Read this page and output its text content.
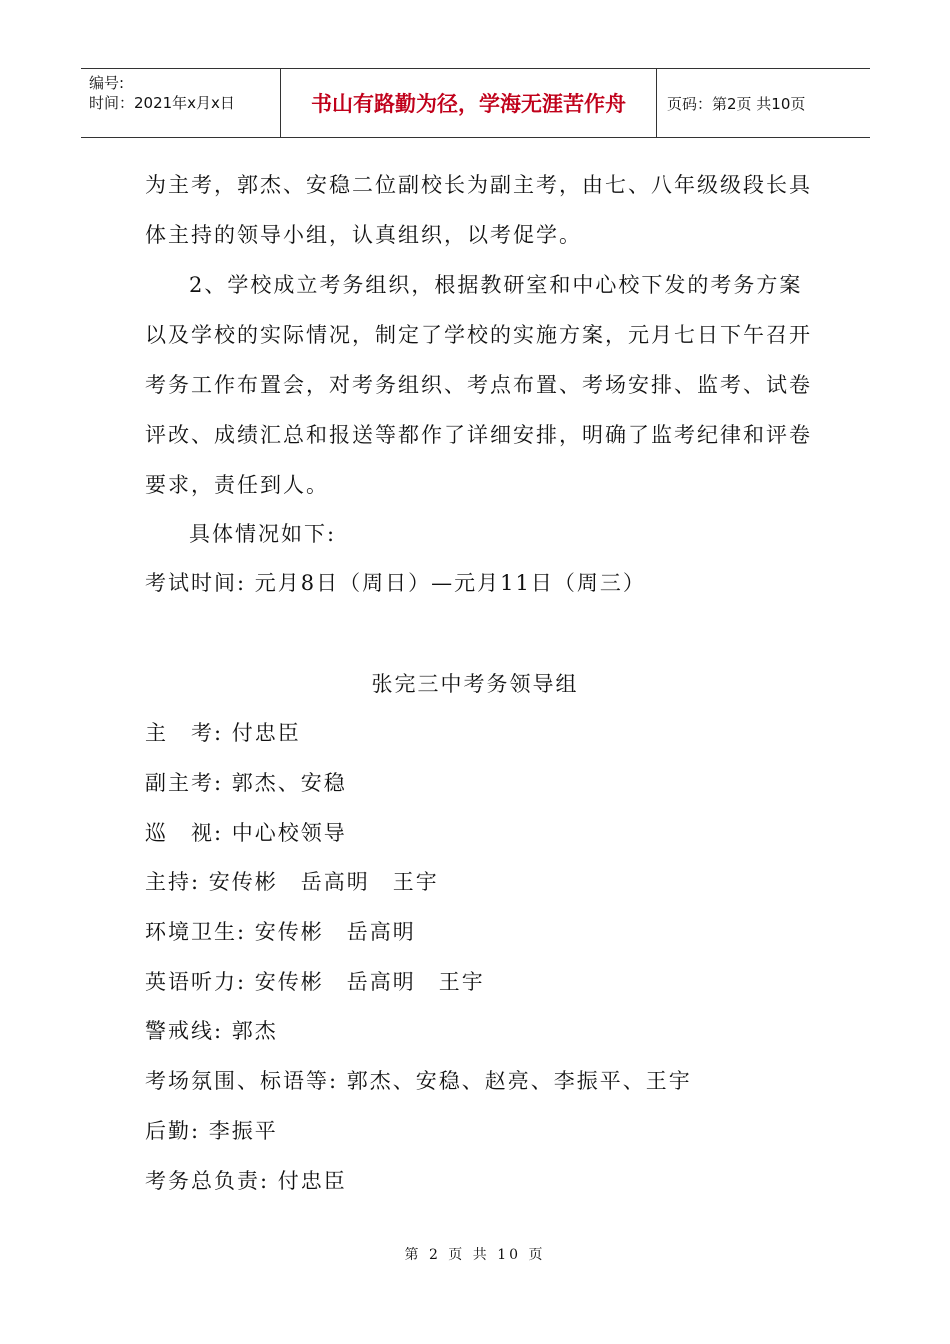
编号:
时间：2021年x月x日	书山有路勤为径，学海无涯苦作舟	页码：第2页 共10页
为主考，郭杰、安稳二位副校长为副主考，由七、八年级级段长具
体主持的领导小组，认真组织，以考促学。
2、学校成立考务组织，根据教研室和中心校下发的考务方案
以及学校的实际情况，制定了学校的实施方案，元月七日下午召开
考务工作布置会，对考务组织、考点布置、考场安排、监考、试卷
评改、成绩汇总和报送等都作了详细安排，明确了监考纪律和评卷
要求，责任到人。
具体情况如下:
考试时间: 元月8日（周日）—元月11日（周三）
张完三中考务领导组
主　考: 付忠臣
副主考: 郭杰、安稳
巡　视: 中心校领导
主持: 安传彬　岳高明　王宇
环境卫生: 安传彬　岳高明
英语听力: 安传彬　岳高明　王宇
警戒线: 郭杰
考场氛围、标语等: 郭杰、安稳、赵亮、李振平、王宇
后勤: 李振平
考务总负责: 付忠臣
第 2 页 共 10 页
